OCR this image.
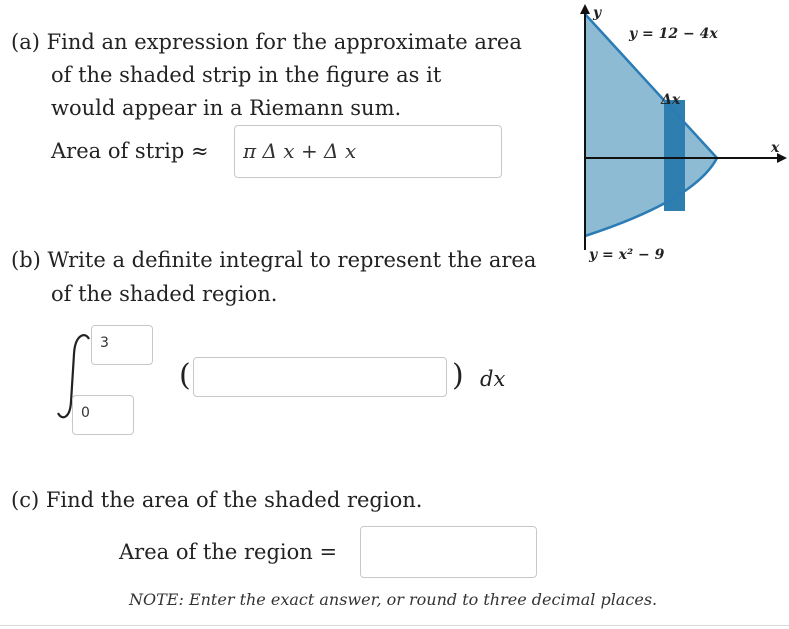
(a) Find an expression for the approximate area
of the shaded strip in the figure as it
would appear in a Riemann sum.
Area of strip ≈	π Δ x + Δ x
(b) Write a definite integral to represent the area
of the shaded region.
3
0
(	) dx
(c) Find the area of the shaded region.
Area of the region =
NOTE: Enter the exact answer, or round to three decimal places.
y
x
y = 12 − 4x
Δx
y = x² − 9
